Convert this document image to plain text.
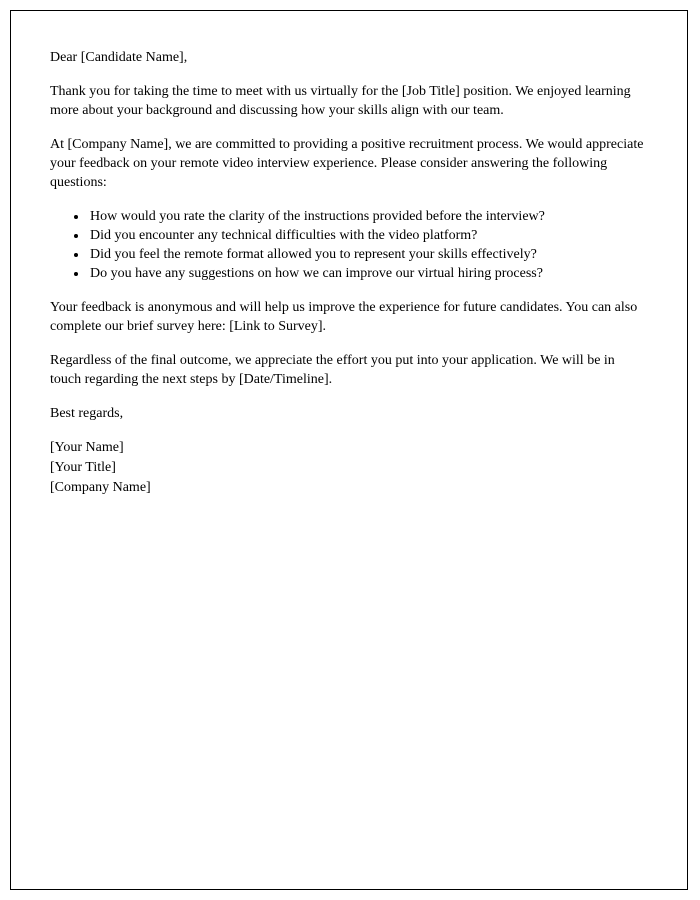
Dear [Candidate Name],

Thank you for taking the time to meet with us virtually for the [Job Title] position. We enjoyed learning more about your background and discussing how your skills align with our team.

At [Company Name], we are committed to providing a positive recruitment process. We would appreciate your feedback on your remote video interview experience. Please consider answering the following questions:

• How would you rate the clarity of the instructions provided before the interview?
• Did you encounter any technical difficulties with the video platform?
• Did you feel the remote format allowed you to represent your skills effectively?
• Do you have any suggestions on how we can improve our virtual hiring process?

Your feedback is anonymous and will help us improve the experience for future candidates. You can also complete our brief survey here: [Link to Survey].

Regardless of the final outcome, we appreciate the effort you put into your application. We will be in touch regarding the next steps by [Date/Timeline].

Best regards,

[Your Name]

[Your Title]

[Company Name]
